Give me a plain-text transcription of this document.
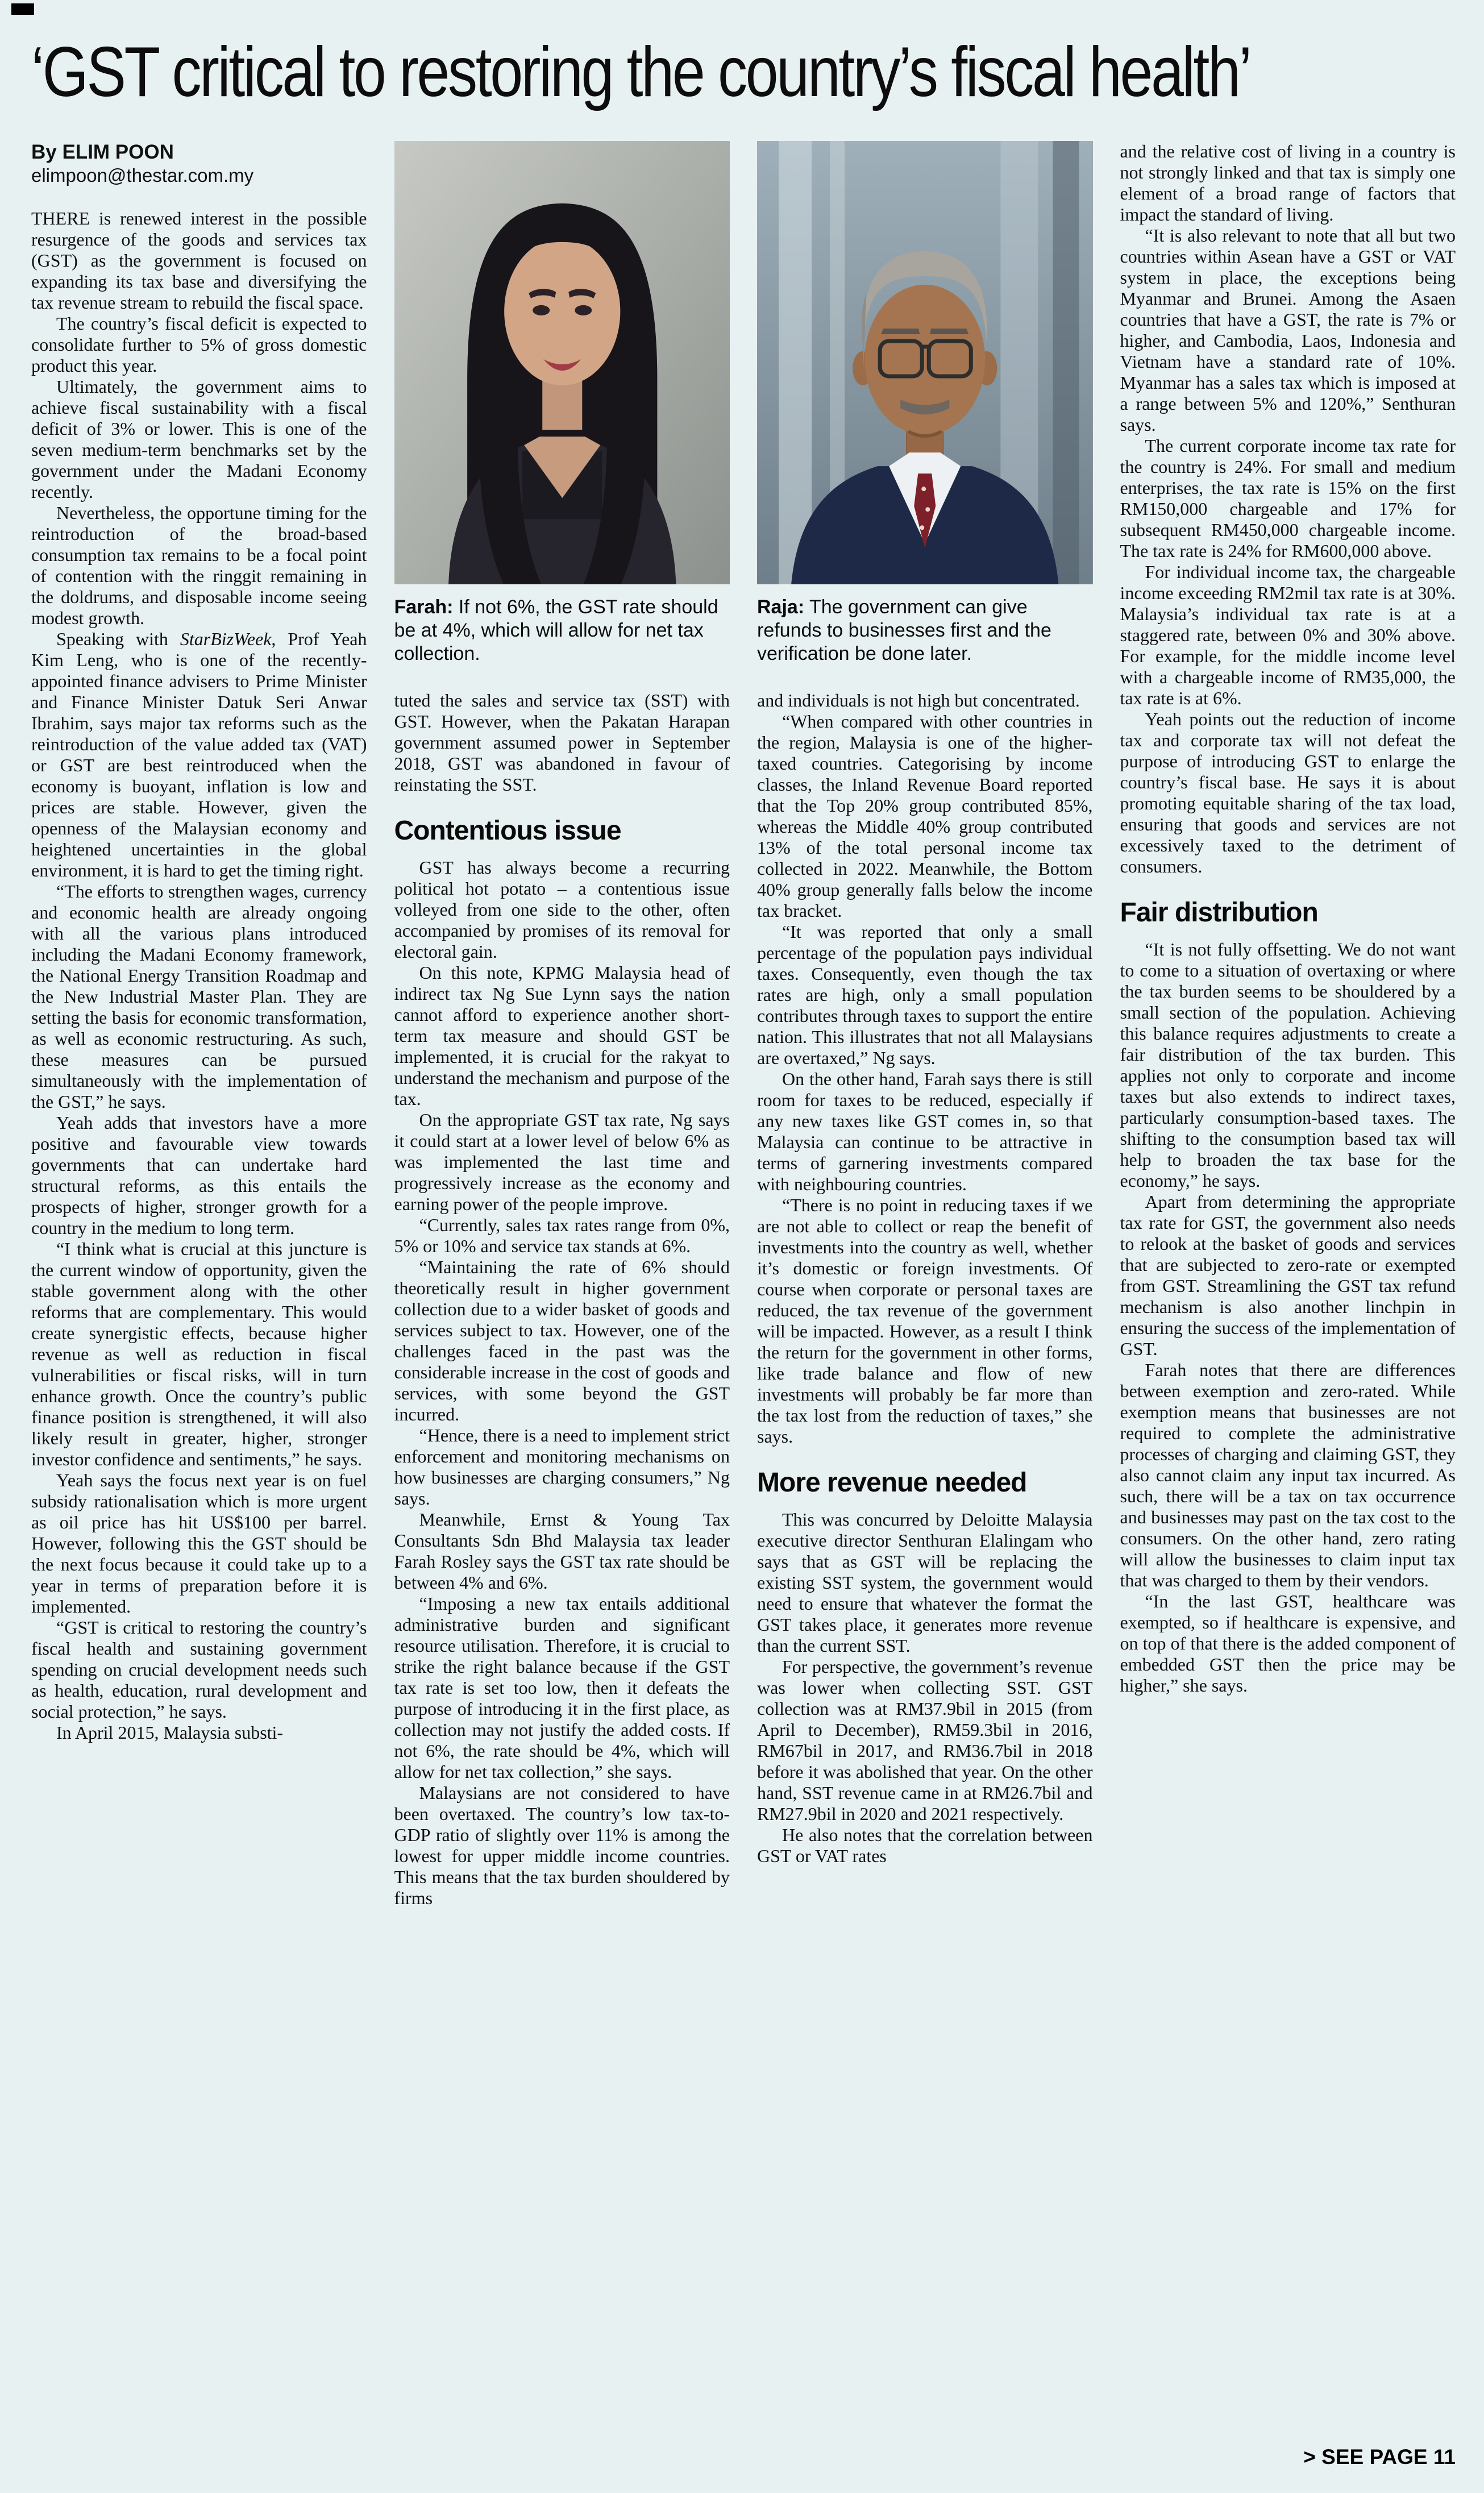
‘GST critical to restoring the country’s fiscal health’
By ELIM POON
elimpoon@thestar.com.my

THERE is renewed interest in the possible resurgence of the goods and services tax (GST) as the government is focused on expanding its tax base and diversifying the tax revenue stream to rebuild the fiscal space.

The country’s fiscal deficit is expected to consolidate further to 5% of gross domestic product this year.

Ultimately, the government aims to achieve fiscal sustainability with a fiscal deficit of 3% or lower. This is one of the seven medium-term benchmarks set by the government under the Madani Economy recently.

Nevertheless, the opportune timing for the reintroduction of the broad-based consumption tax remains to be a focal point of contention with the ringgit remaining in the doldrums, and disposable income seeing modest growth.

Speaking with StarBizWeek, Prof Yeah Kim Leng, who is one of the recently-appointed finance advisers to Prime Minister and Finance Minister Datuk Seri Anwar Ibrahim, says major tax reforms such as the reintroduction of the value added tax (VAT) or GST are best reintroduced when the economy is buoyant, inflation is low and prices are stable. However, given the openness of the Malaysian economy and heightened uncertainties in the global environment, it is hard to get the timing right.

“The efforts to strengthen wages, currency and economic health are already ongoing with all the various plans introduced including the Madani Economy framework, the National Energy Transition Roadmap and the New Industrial Master Plan. They are setting the basis for economic transformation, as well as economic restructuring. As such, these measures can be pursued simultaneously with the implementation of the GST,” he says.

Yeah adds that investors have a more positive and favourable view towards governments that can undertake hard structural reforms, as this entails the prospects of higher, stronger growth for a country in the medium to long term.

“I think what is crucial at this juncture is the current window of opportunity, given the stable government along with the other reforms that are complementary. This would create synergistic effects, because higher revenue as well as reduction in fiscal vulnerabilities or fiscal risks, will in turn enhance growth. Once the country’s public finance position is strengthened, it will also likely result in greater, higher, stronger investor confidence and sentiments,” he says.

Yeah says the focus next year is on fuel subsidy rationalisation which is more urgent as oil price has hit US$100 per barrel. However, following this the GST should be the next focus because it could take up to a year in terms of preparation before it is implemented.

“GST is critical to restoring the country’s fiscal health and sustaining government spending on crucial development needs such as health, education, rural development and social protection,” he says.

In April 2015, Malaysia substi-

Farah: If not 6%, the GST rate should be at 4%, which will allow for net tax collection.

tuted the sales and service tax (SST) with GST. However, when the Pakatan Harapan government assumed power in September 2018, GST was abandoned in favour of reinstating the SST.

Contentious issue

GST has always become a recurring political hot potato – a contentious issue volleyed from one side to the other, often accompanied by promises of its removal for electoral gain.

On this note, KPMG Malaysia head of indirect tax Ng Sue Lynn says the nation cannot afford to experience another short-term tax measure and should GST be implemented, it is crucial for the rakyat to understand the mechanism and purpose of the tax.

On the appropriate GST tax rate, Ng says it could start at a lower level of below 6% as was implemented the last time and progressively increase as the economy and earning power of the people improve.

“Currently, sales tax rates range from 0%, 5% or 10% and service tax stands at 6%.

“Maintaining the rate of 6% should theoretically result in higher government collection due to a wider basket of goods and services subject to tax. However, one of the challenges faced in the past was the considerable increase in the cost of goods and services, with some beyond the GST incurred.

“Hence, there is a need to implement strict enforcement and monitoring mechanisms on how businesses are charging consumers,” Ng says.

Meanwhile, Ernst & Young Tax Consultants Sdn Bhd Malaysia tax leader Farah Rosley says the GST tax rate should be between 4% and 6%.

“Imposing a new tax entails additional administrative burden and significant resource utilisation. Therefore, it is crucial to strike the right balance because if the GST tax rate is set too low, then it defeats the purpose of introducing it in the first place, as collection may not justify the added costs. If not 6%, the rate should be 4%, which will allow for net tax collection,” she says.

Malaysians are not considered to have been overtaxed. The country’s low tax-to-GDP ratio of slightly over 11% is among the lowest for upper middle income countries. This means that the tax burden shouldered by firms

Raja: The government can give refunds to businesses first and the verification be done later.

and individuals is not high but concentrated.

“When compared with other countries in the region, Malaysia is one of the higher-taxed countries. Categorising by income classes, the Inland Revenue Board reported that the Top 20% group contributed 85%, whereas the Middle 40% group contributed 13% of the total personal income tax collected in 2022. Meanwhile, the Bottom 40% group generally falls below the income tax bracket.

“It was reported that only a small percentage of the population pays individual taxes. Consequently, even though the tax rates are high, only a small population contributes through taxes to support the entire nation. This illustrates that not all Malaysians are overtaxed,” Ng says.

On the other hand, Farah says there is still room for taxes to be reduced, especially if any new taxes like GST comes in, so that Malaysia can continue to be attractive in terms of garnering investments compared with neighbouring countries.

“There is no point in reducing taxes if we are not able to collect or reap the benefit of investments into the country as well, whether it’s domestic or foreign investments. Of course when corporate or personal taxes are reduced, the tax revenue of the government will be impacted. However, as a result I think the return for the government in other forms, like trade balance and flow of new investments will probably be far more than the tax lost from the reduction of taxes,” she says.

More revenue needed

This was concurred by Deloitte Malaysia executive director Senthuran Elalingam who says that as GST will be replacing the existing SST system, the government would need to ensure that whatever the format the GST takes place, it generates more revenue than the current SST.

For perspective, the government’s revenue was lower when collecting SST. GST collection was at RM37.9bil in 2015 (from April to December), RM59.3bil in 2016, RM67bil in 2017, and RM36.7bil in 2018 before it was abolished that year. On the other hand, SST revenue came in at RM26.7bil and RM27.9bil in 2020 and 2021 respectively.

He also notes that the correlation between GST or VAT rates

and the relative cost of living in a country is not strongly linked and that tax is simply one element of a broad range of factors that impact the standard of living.

“It is also relevant to note that all but two countries within Asean have a GST or VAT system in place, the exceptions being Myanmar and Brunei. Among the Asaen countries that have a GST, the rate is 7% or higher, and Cambodia, Laos, Indonesia and Vietnam have a standard rate of 10%. Myanmar has a sales tax which is imposed at a range between 5% and 120%,” Senthuran says.

The current corporate income tax rate for the country is 24%. For small and medium enterprises, the tax rate is 15% on the first RM150,000 chargeable and 17% for subsequent RM450,000 chargeable income. The tax rate is 24% for RM600,000 above.

For individual income tax, the chargeable income exceeding RM2mil tax rate is at 30%. Malaysia’s individual tax rate is at a staggered rate, between 0% and 30% above. For example, for the middle income level with a chargeable income of RM35,000, the tax rate is at 6%.

Yeah points out the reduction of income tax and corporate tax will not defeat the purpose of introducing GST to enlarge the country’s fiscal base. He says it is about promoting equitable sharing of the tax load, ensuring that goods and services are not excessively taxed to the detriment of consumers.

Fair distribution

“It is not fully offsetting. We do not want to come to a situation of overtaxing or where the tax burden seems to be shouldered by a small section of the population. Achieving this balance requires adjustments to create a fair distribution of the tax burden. This applies not only to corporate and income taxes but also extends to indirect taxes, particularly consumption-based taxes. The shifting to the consumption based tax will help to broaden the tax base for the economy,” he says.

Apart from determining the appropriate tax rate for GST, the government also needs to relook at the basket of goods and services that are subjected to zero-rate or exempted from GST. Streamlining the GST tax refund mechanism is also another linchpin in ensuring the success of the implementation of GST.

Farah notes that there are differences between exemption and zero-rated. While exemption means that businesses are not required to complete the administrative processes of charging and claiming GST, they also cannot claim any input tax incurred. As such, there will be a tax on tax occurrence and businesses may past on the tax cost to the consumers. On the other hand, zero rating will allow the businesses to claim input tax that was charged to them by their vendors.

“In the last GST, healthcare was exempted, so if healthcare is expensive, and on top of that there is the added component of embedded GST then the price may be higher,” she says.

> SEE PAGE 11
